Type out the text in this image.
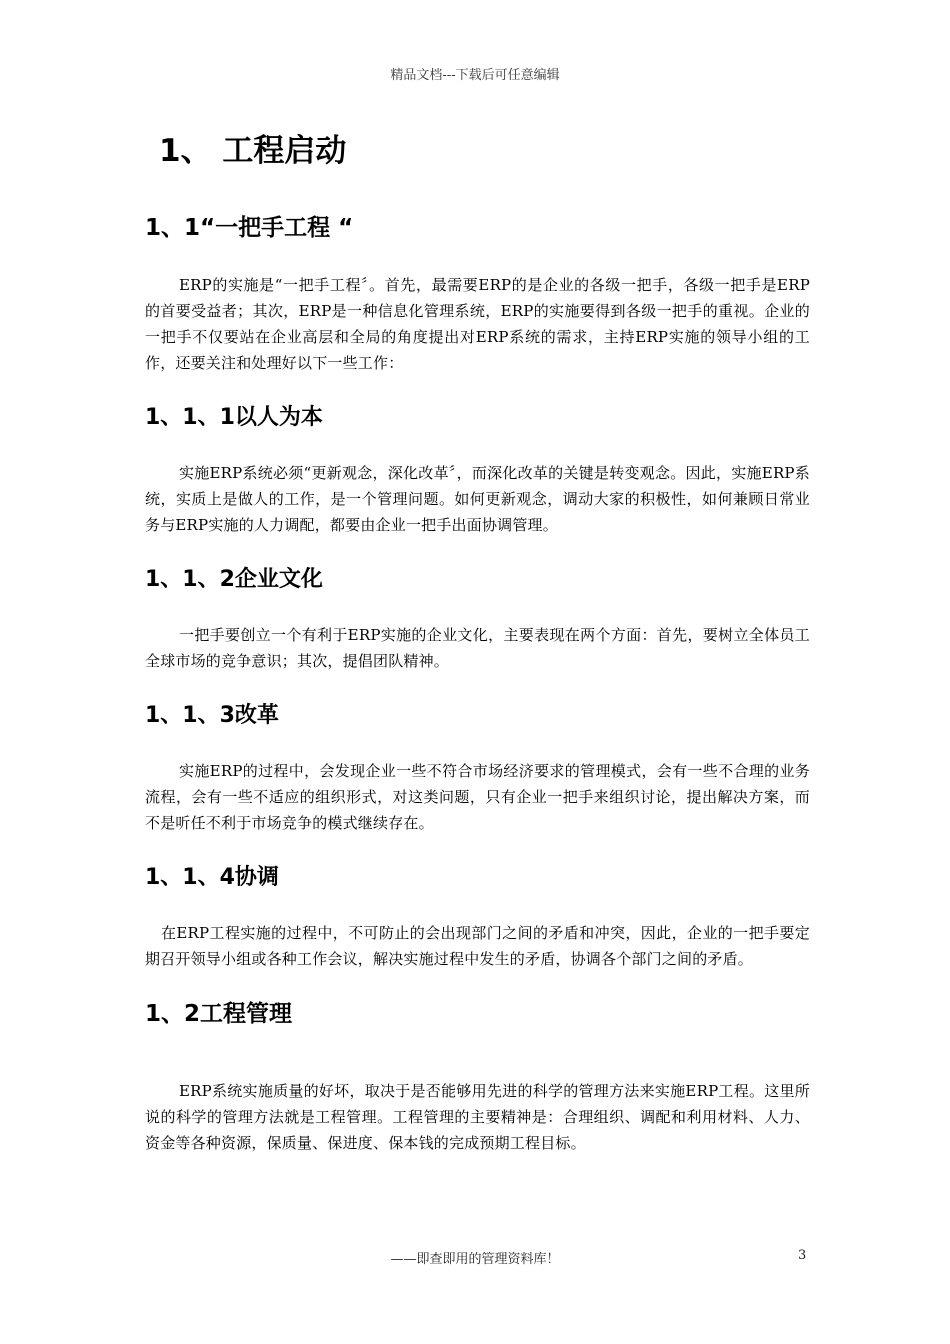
精品文档---下载后可任意编辑
1、 工程启动
1、1“一把手工程 “

ERP的实施是“一把手工程〞。首先，最需要ERP的是企业的各级一把手，各级一把手是ERP的首要受益者；其次，ERP是一种信息化管理系统，ERP的实施要得到各级一把手的重视。企业的一把手不仅要站在企业高层和全局的角度提出对ERP系统的需求，主持ERP实施的领导小组的工作，还要关注和处理好以下一些工作：

1、1、1以人为本

实施ERP系统必须“更新观念，深化改革〞，而深化改革的关键是转变观念。因此，实施ERP系统，实质上是做人的工作，是一个管理问题。如何更新观念，调动大家的积极性，如何兼顾日常业务与ERP实施的人力调配，都要由企业一把手出面协调管理。

1、1、2企业文化

一把手要创立一个有利于ERP实施的企业文化，主要表现在两个方面：首先，要树立全体员工全球市场的竞争意识；其次，提倡团队精神。

1、1、3改革

实施ERP的过程中，会发现企业一些不符合市场经济要求的管理模式，会有一些不合理的业务流程，会有一些不适应的组织形式，对这类问题，只有企业一把手来组织讨论，提出解决方案，而不是听任不利于市场竞争的模式继续存在。

1、1、4协调

在ERP工程实施的过程中，不可防止的会出现部门之间的矛盾和冲突，因此，企业的一把手要定期召开领导小组或各种工作会议，解决实施过程中发生的矛盾，协调各个部门之间的矛盾。

1、2工程管理

ERP系统实施质量的好坏，取决于是否能够用先进的科学的管理方法来实施ERP工程。这里所说的科学的管理方法就是工程管理。工程管理的主要精神是：合理组织、调配和利用材料、人力、资金等各种资源，保质量、保进度、保本钱的完成预期工程目标。

——即查即用的管理资料库！	3
